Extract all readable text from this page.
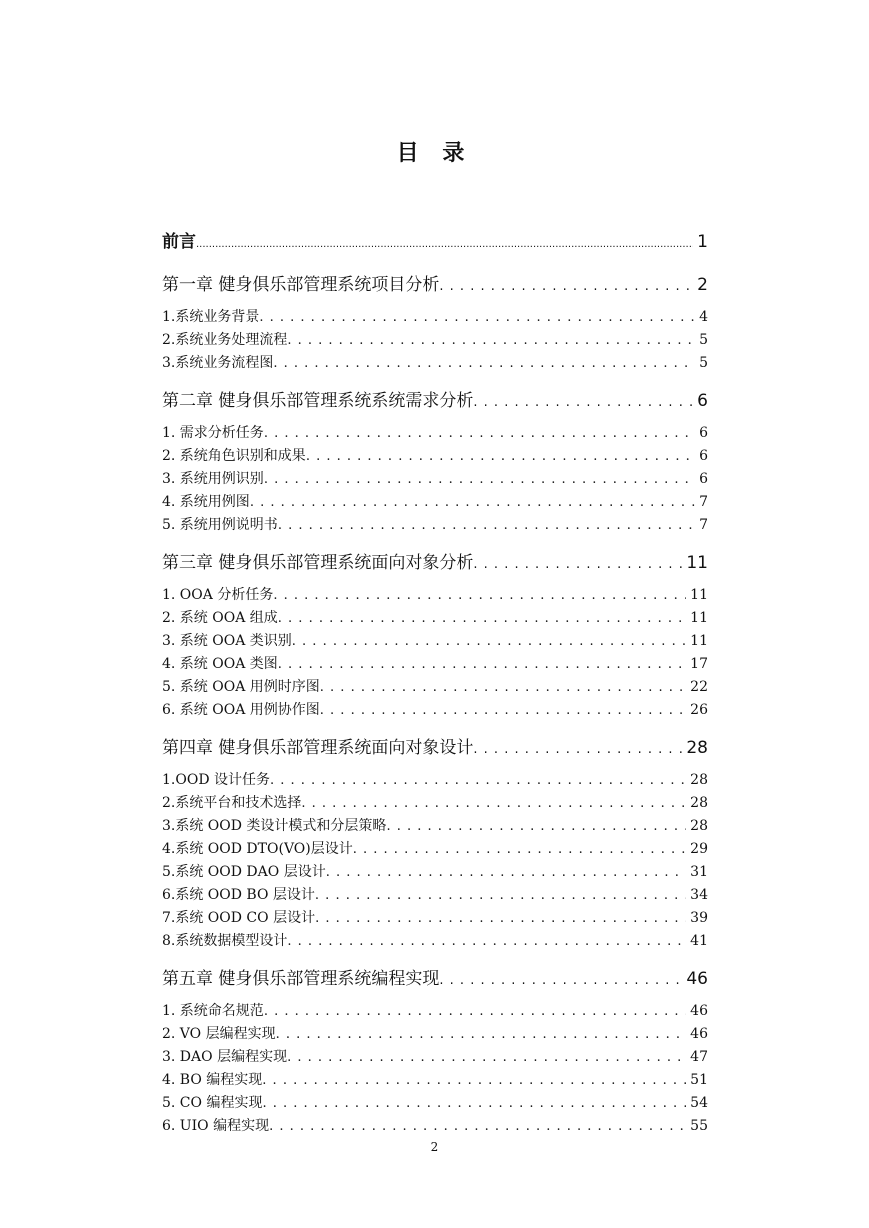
目 录
前言 .....	1
第一章 健身俱乐部管理系统项目分析 . . .	2
1.系统业务背景 . . .	4
2.系统业务处理流程 . . .	5
3.系统业务流程图 . . .	5
第二章 健身俱乐部管理系统系统需求分析 . . .	6
1. 需求分析任务 . . .	6
2. 系统角色识别和成果 . . .	6
3. 系统用例识别 . . .	6
4. 系统用例图 . . .	7
5. 系统用例说明书 . . .	7
第三章 健身俱乐部管理系统面向对象分析 . . .	11
1. OOA 分析任务 . . .	11
2. 系统 OOA 组成 . . .	11
3. 系统 OOA 类识别 . . .	11
4. 系统 OOA 类图 . . .	17
5. 系统 OOA 用例时序图 . . .	22
6. 系统 OOA 用例协作图 . . .	26
第四章 健身俱乐部管理系统面向对象设计 . . .	28
1.OOD 设计任务 . . .	28
2.系统平台和技术选择 . . .	28
3.系统 OOD 类设计模式和分层策略 . . .	28
4.系统 OOD DTO(VO)层设计 . . .	29
5.系统 OOD DAO 层设计 . . .	31
6.系统 OOD BO 层设计 . . .	34
7.系统 OOD CO 层设计 . . .	39
8.系统数据模型设计 . . .	41
第五章 健身俱乐部管理系统编程实现 . . .	46
1. 系统命名规范 . . .	46
2. VO 层编程实现 . . .	46
3. DAO 层编程实现 . . .	47
4. BO 编程实现 . . .	51
5. CO 编程实现 . . .	54
6. UIO 编程实现 . . .	55
2
